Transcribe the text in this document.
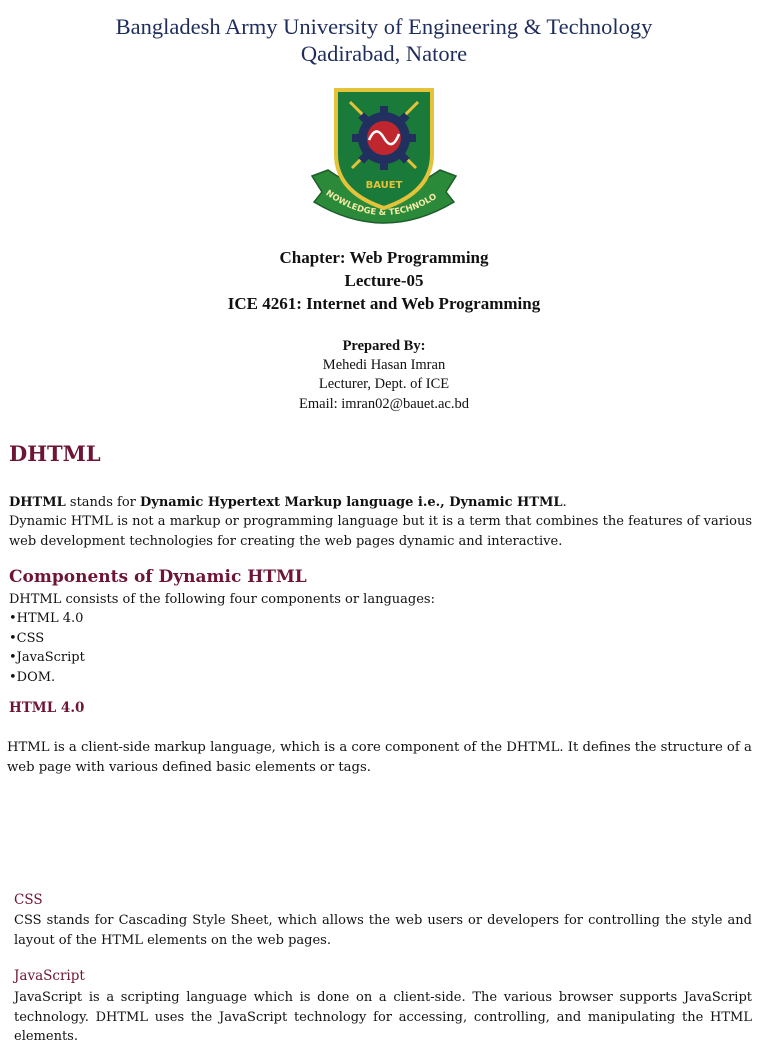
Bangladesh Army University of Engineering & Technology
Qadirabad, Natore
NOWLEDGE & TECHNOLO
BAUET
Chapter: Web Programming
Lecture-05
ICE 4261: Internet and Web Programming
Prepared By:
Mehedi Hasan Imran
Lecturer, Dept. of ICE
Email: imran02@bauet.ac.bd
DHTML
DHTML stands for Dynamic Hypertext Markup language i.e., Dynamic HTML.
Dynamic HTML is not a markup or programming language but it is a term that combines the features of various web development technologies for creating the web pages dynamic and interactive.
Components of Dynamic HTML
DHTML consists of the following four components or languages:
•HTML 4.0
•CSS
•JavaScript
•DOM.
HTML 4.0
HTML is a client-side markup language, which is a core component of the DHTML. It defines the structure of a web page with various defined basic elements or tags.
CSS
CSS stands for Cascading Style Sheet, which allows the web users or developers for controlling the style and layout of the HTML elements on the web pages.
JavaScript
JavaScript is a scripting language which is done on a client-side. The various browser supports JavaScript technology. DHTML uses the JavaScript technology for accessing, controlling, and manipulating the HTML elements.
